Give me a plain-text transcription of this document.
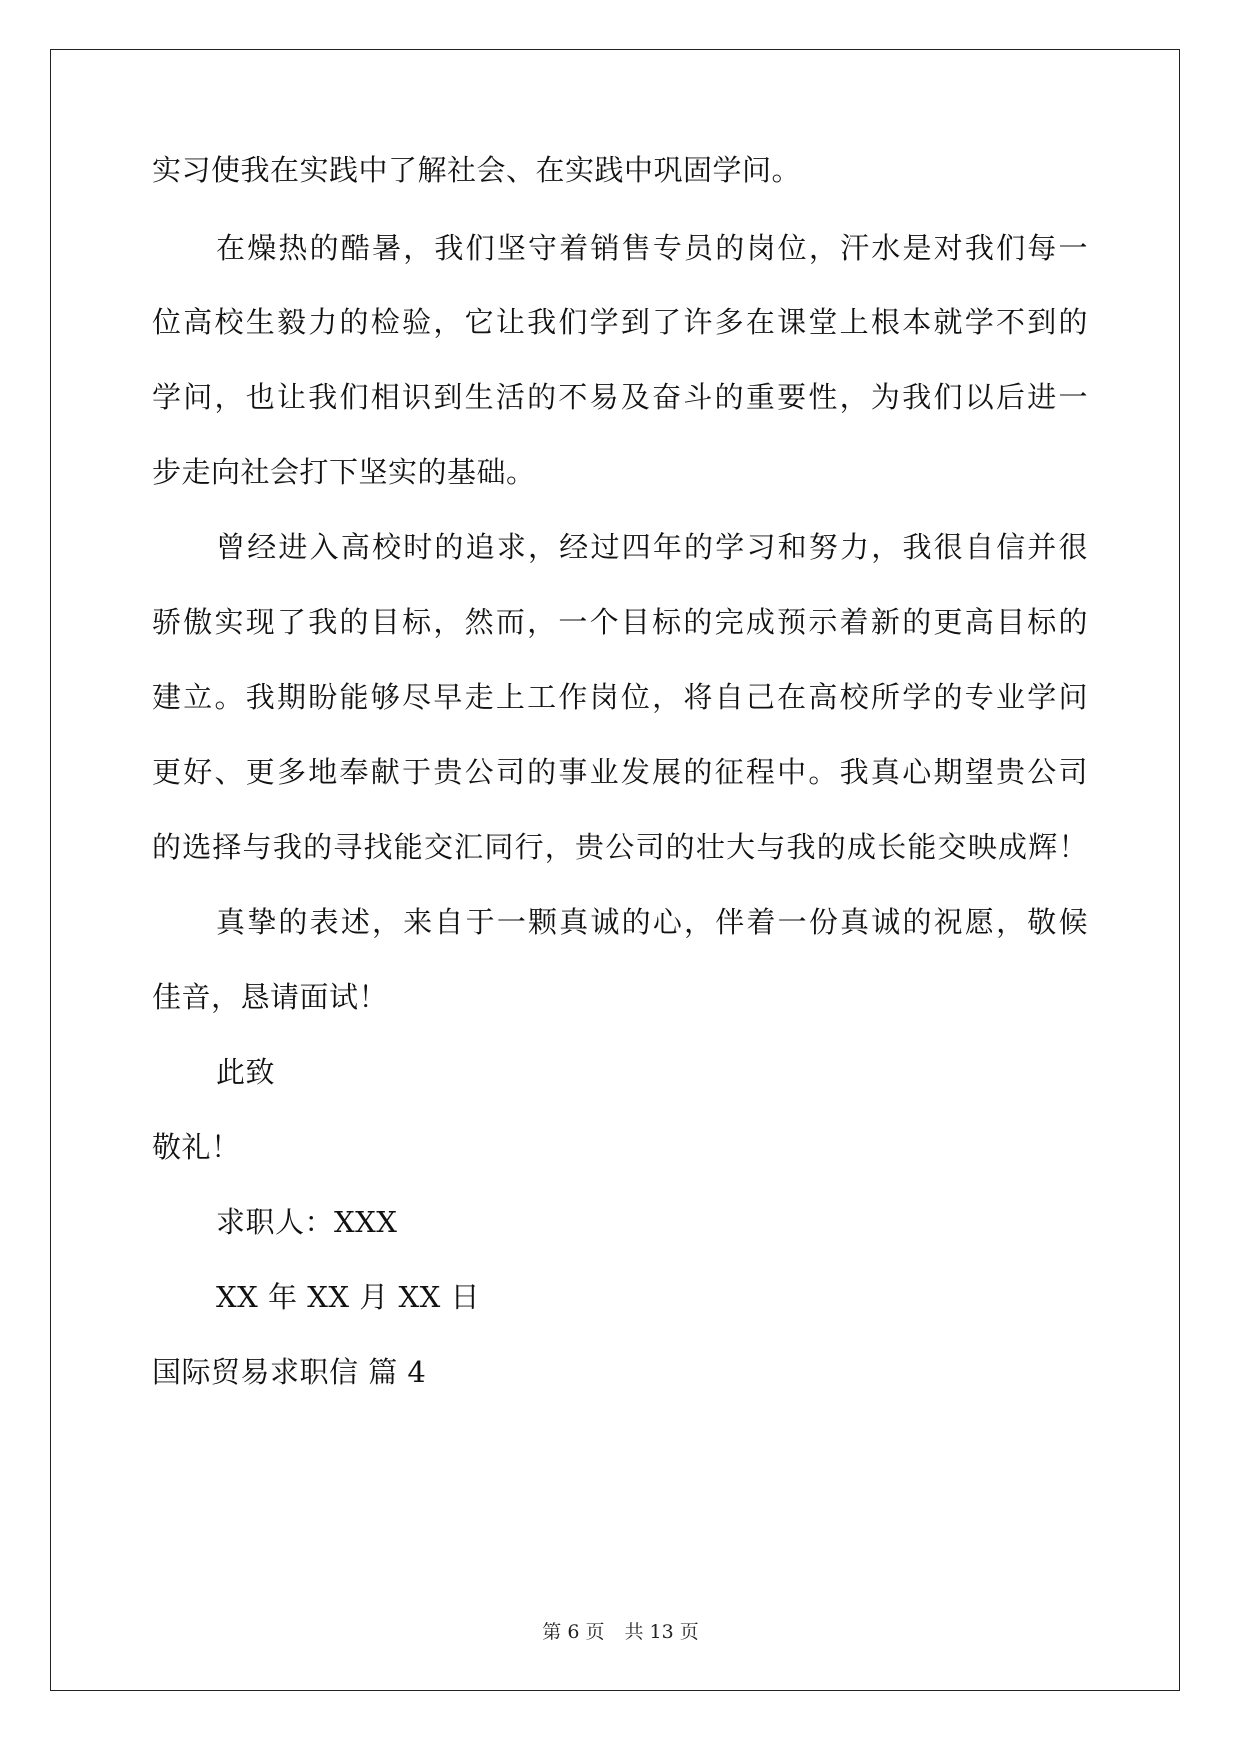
实习使我在实践中了解社会、在实践中巩固学问。
在燥热的酷暑，我们坚守着销售专员的岗位，汗水是对我们每一
位高校生毅力的检验，它让我们学到了许多在课堂上根本就学不到的
学问，也让我们相识到生活的不易及奋斗的重要性，为我们以后进一
步走向社会打下坚实的基础。
曾经进入高校时的追求，经过四年的学习和努力，我很自信并很
骄傲实现了我的目标，然而，一个目标的完成预示着新的更高目标的
建立。我期盼能够尽早走上工作岗位，将自己在高校所学的专业学问
更好、更多地奉献于贵公司的事业发展的征程中。我真心期望贵公司
的选择与我的寻找能交汇同行，贵公司的壮大与我的成长能交映成辉！
真挚的表述，来自于一颗真诚的心，伴着一份真诚的祝愿，敬候
佳音，恳请面试！
此致
敬礼！
求职人：XXX
XX 年 XX 月 XX 日
国际贸易求职信 篇 4
第 6 页 共 13 页
